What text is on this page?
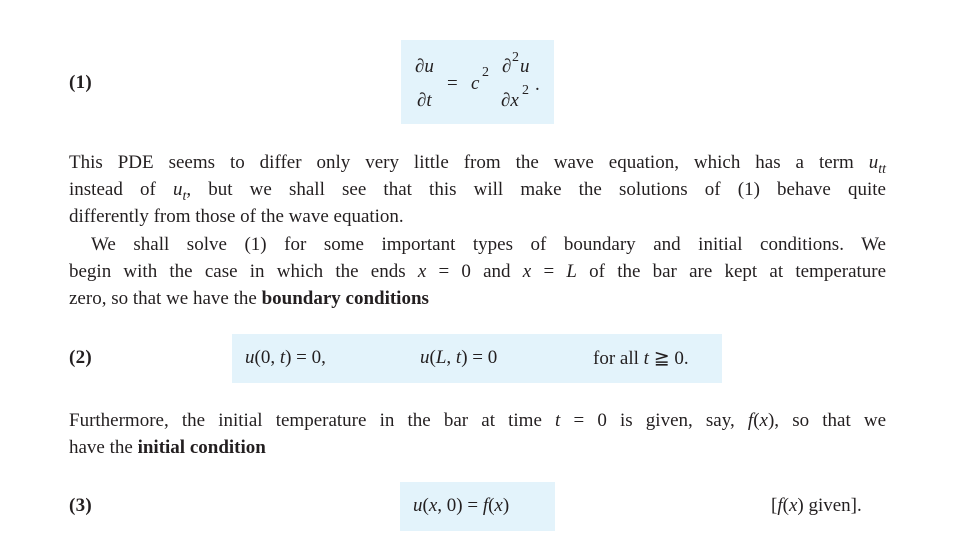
(1)
∂u
∂t
= c
2 ∂ 2 u
∂x 2 .
This PDE seems to differ only very little from the wave equation, which has a term $u_{tt}$
instead of $u_t$, but we shall see that this will make the solutions of (1) behave quite
differently from those of the wave equation.
We shall solve (1) for some important types of boundary and initial conditions. We
begin with the case in which the ends x = 0 and x = L of the bar are kept at temperature
zero, so that we have the boundary conditions
(2)	u(0, t) = 0,	u(L, t) = 0	for all t ≧ 0.
Furthermore, the initial temperature in the bar at time t = 0 is given, say, f(x), so that we
have the initial condition
(3)	u(x, 0) = f(x)	[f(x) given].
